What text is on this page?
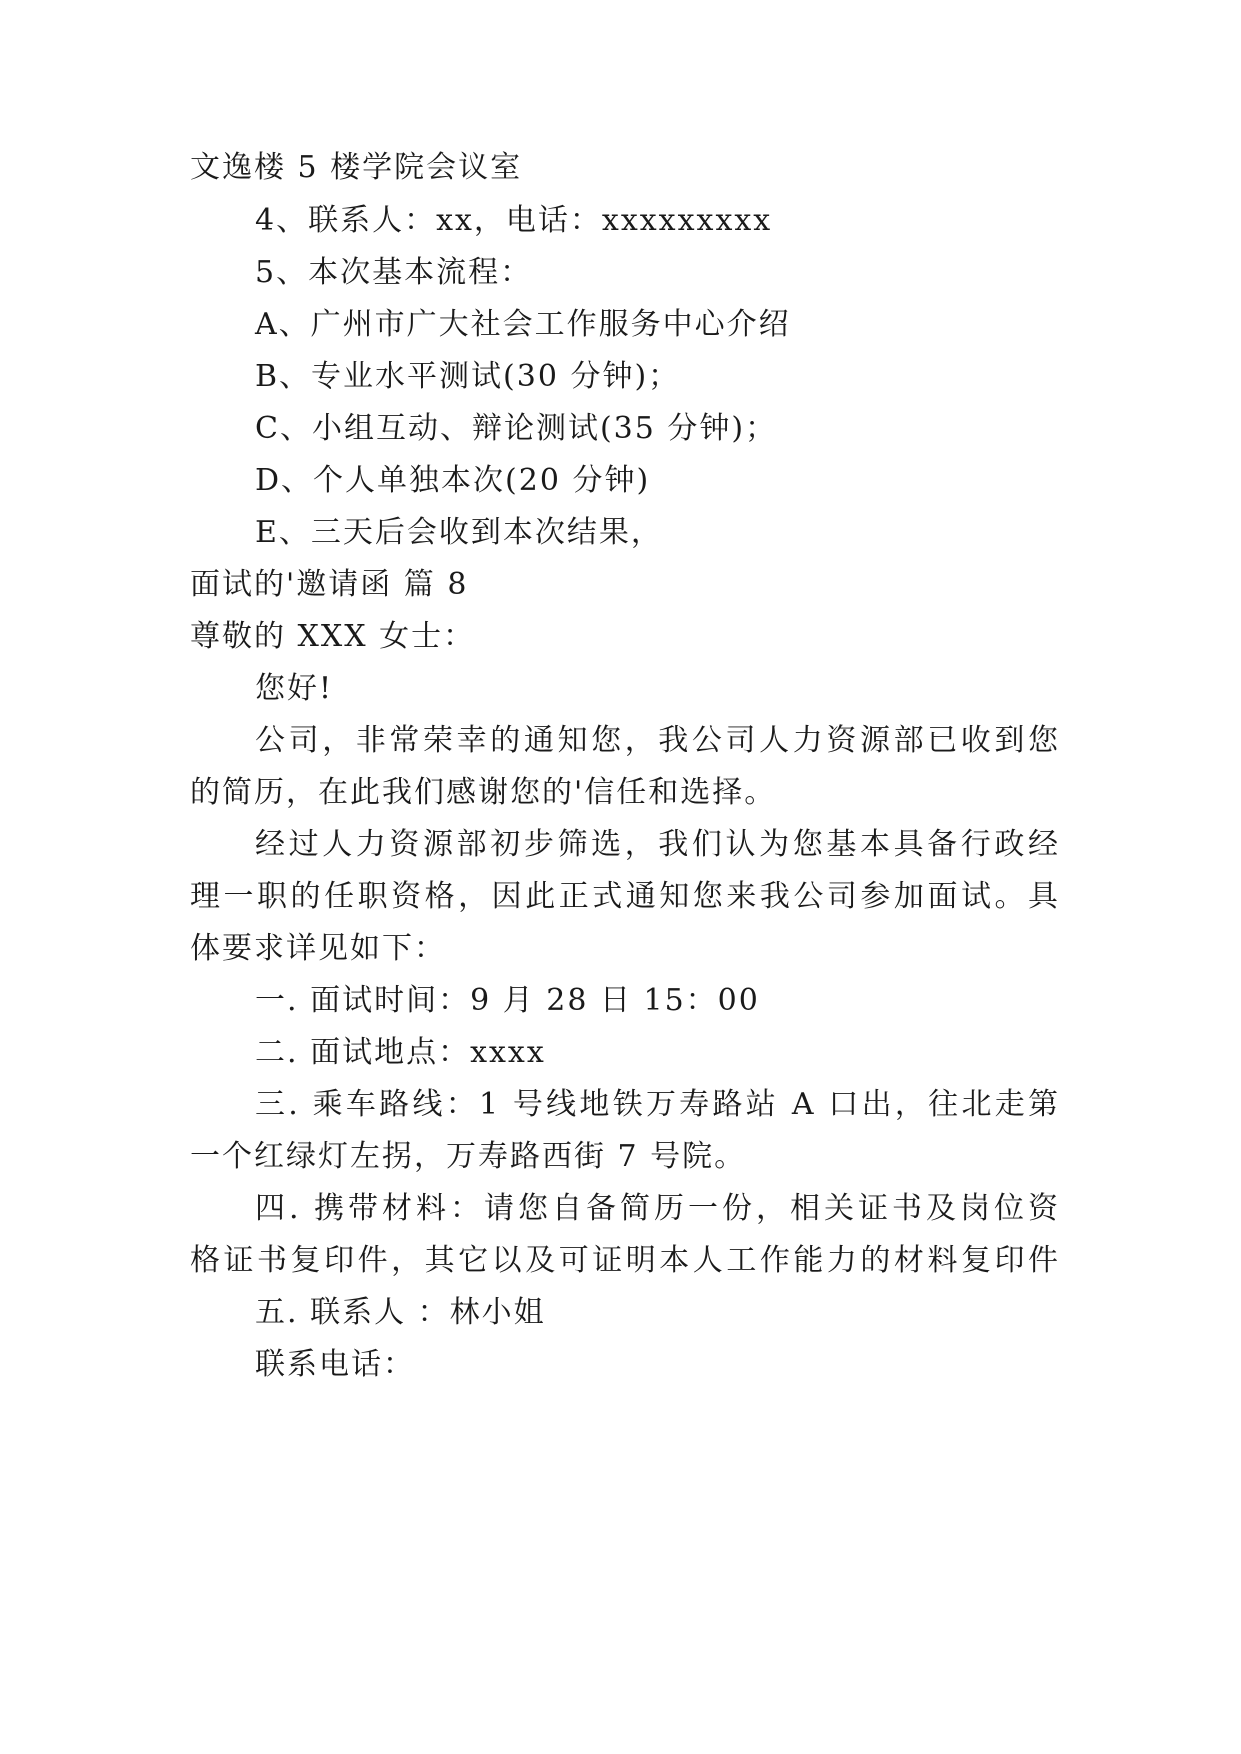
文逸楼 5 楼学院会议室
4、联系人：xx，电话：xxxxxxxxx
5、本次基本流程：
A、广州市广大社会工作服务中心介绍
B、专业水平测试(30 分钟)；
C、小组互动、辩论测试(35 分钟)；
D、个人单独本次(20 分钟)
E、三天后会收到本次结果，
面试的'邀请函 篇 8
尊敬的 XXX 女士：
您好!
公司，非常荣幸的通知您，我公司人力资源部已收到您
的简历，在此我们感谢您的'信任和选择。
经过人力资源部初步筛选，我们认为您基本具备行政经
理一职的任职资格，因此正式通知您来我公司参加面试。具
体要求详见如下：
一. 面试时间：9 月 28 日 15：00
二. 面试地点：xxxx
三. 乘车路线：1 号线地铁万寿路站 A 口出，往北走第
一个红绿灯左拐，万寿路西街 7 号院。
四. 携带材料：请您自备简历一份，相关证书及岗位资
格证书复印件，其它以及可证明本人工作能力的材料复印件
五. 联系人 ：林小姐
联系电话：
